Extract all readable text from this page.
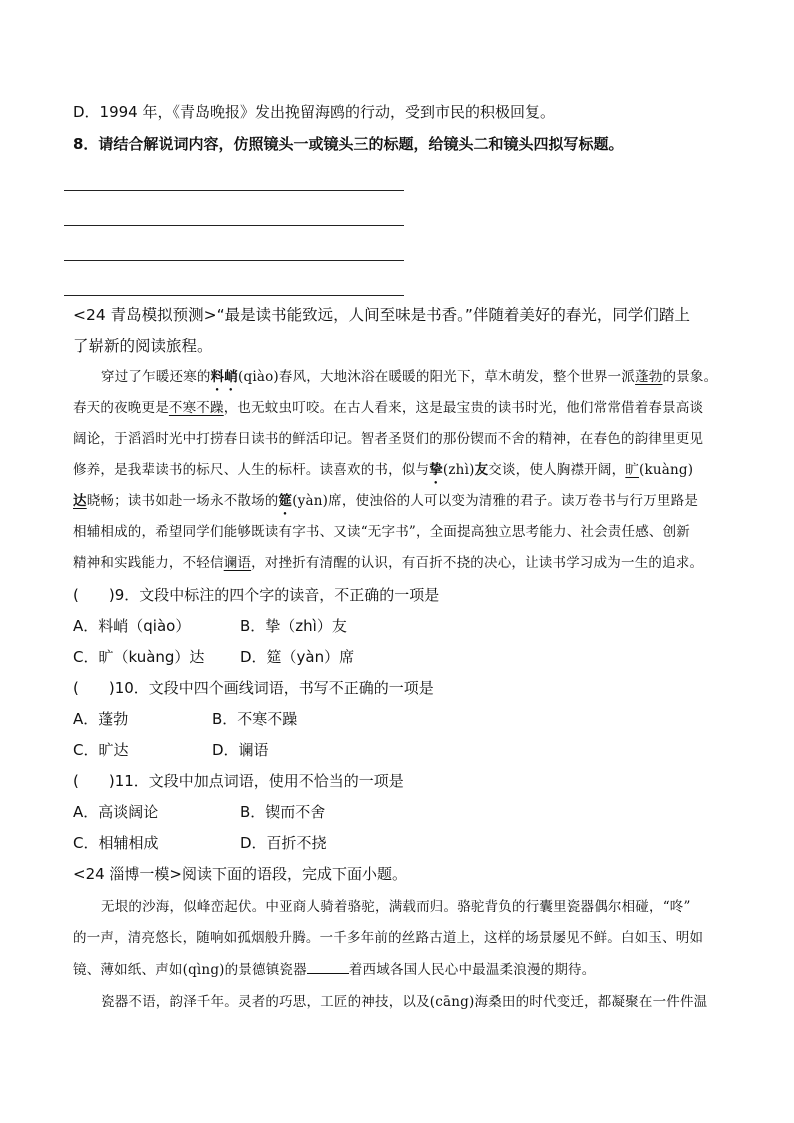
D．1994 年，《青岛晚报》发出挽留海鸥的行动，受到市民的积极回复。
8．请结合解说词内容，仿照镜头一或镜头三的标题，给镜头二和镜头四拟写标题。
<24 青岛模拟预测>“最是读书能致远，人间至味是书香。”伴随着美好的春光，同学们踏上
了崭新的阅读旅程。
穿过了乍暖还寒的料峭(qiào)春风，大地沐浴在暖暖的阳光下，草木萌发，整个世界一派蓬勃的景象。
春天的夜晚更是不寒不躁，也无蚊虫叮咬。在古人看来，这是最宝贵的读书时光，他们常常借着春景高谈
阔论，于滔滔时光中打捞春日读书的鲜活印记。智者圣贤们的那份锲而不舍的精神，在春色的韵律里更见
修养，是我辈读书的标尺、人生的标杆。读喜欢的书，似与挚(zhì)友交谈，使人胸襟开阔，旷(kuàng)
达晓畅；读书如赴一场永不散场的筵(yàn)席，使浊俗的人可以变为清雅的君子。读万卷书与行万里路是
相辅相成的，希望同学们能够既读有字书、又读“无字书”，全面提高独立思考能力、社会责任感、创新
精神和实践能力，不轻信谰语，对挫折有清醒的认识，有百折不挠的决心，让读书学习成为一生的追求。
(　　)9．文段中标注的四个字的读音，不正确的一项是
A．料峭（qiào）	B．挚（zhì）友
C．旷（kuàng）达 D．筵（yàn）席
(　　)10．文段中四个画线词语，书写不正确的一项是
A．蓬勃	B．不寒不躁
C．旷达	D．谰语
(　　)11．文段中加点词语，使用不恰当的一项是
A．高谈阔论	B．锲而不舍
C．相辅相成	D．百折不挠
<24 淄博一模>阅读下面的语段，完成下面小题。
无垠的沙海，似峰峦起伏。中亚商人骑着骆驼，满载而归。骆驼背负的行囊里瓷器偶尔相碰，“咚”
的一声，清亮悠长，随响如孤烟般升腾。一千多年前的丝路古道上，这样的场景屡见不鲜。白如玉、明如
镜、薄如纸、声如(qìng)的景德镇瓷器	着西域各国人民心中最温柔浪漫的期待。
瓷器不语，韵泽千年。灵者的巧思，工匠的神技，以及(cāng)海桑田的时代变迁，都凝聚在一件件温
